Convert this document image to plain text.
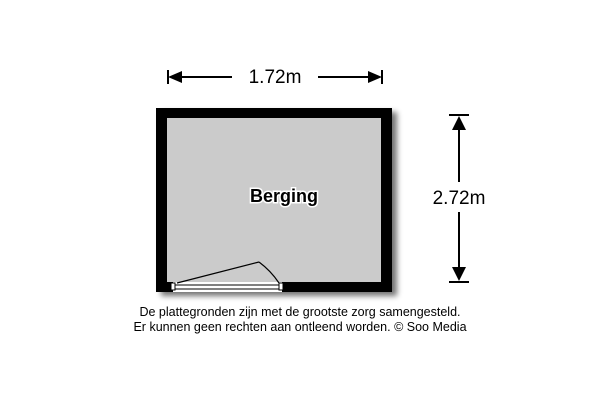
Berging
1.72m
2.72m
De plattegronden zijn met de grootste zorg samengesteld.
Er kunnen geen rechten aan ontleend worden. © Soo Media
